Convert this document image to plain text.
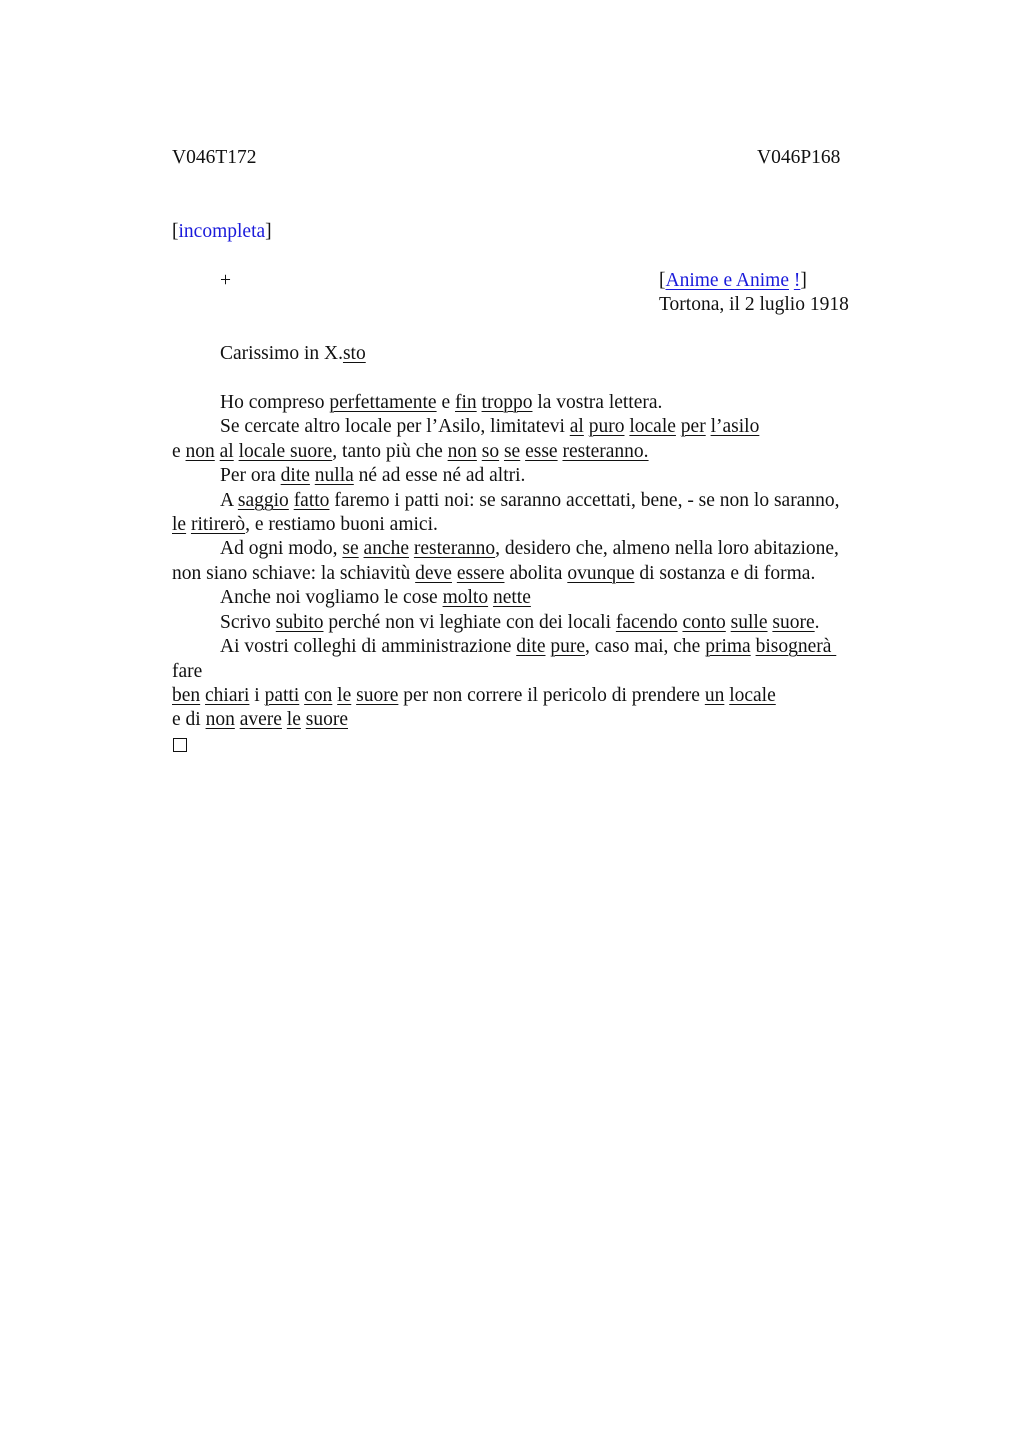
V046T172	V046P168
[incompleta]
+	[Anime e Anime !]
Tortona, il 2 luglio 1918
Carissimo in X.sto
Ho compreso perfettamente e fin troppo la vostra lettera.
Se cercate altro locale per l’Asilo, limitatevi al puro locale per l’asilo
e non al locale suore, tanto più che non so se esse resteranno.
Per ora dite nulla né ad esse né ad altri.
A saggio fatto faremo i patti noi: se saranno accettati, bene, - se non lo saranno,
le ritirerò, e restiamo buoni amici.
Ad ogni modo, se anche resteranno, desidero che, almeno nella loro abitazione,
non siano schiave: la schiavitù deve essere abolita ovunque di sostanza e di forma.
Anche noi vogliamo le cose molto nette
Scrivo subito perché non vi leghiate con dei locali facendo conto sulle suore.
Ai vostri colleghi di amministrazione dite pure, caso mai, che prima bisognerà
fare
ben chiari i patti con le suore per non correre il pericolo di prendere un locale
e di non avere le suore
